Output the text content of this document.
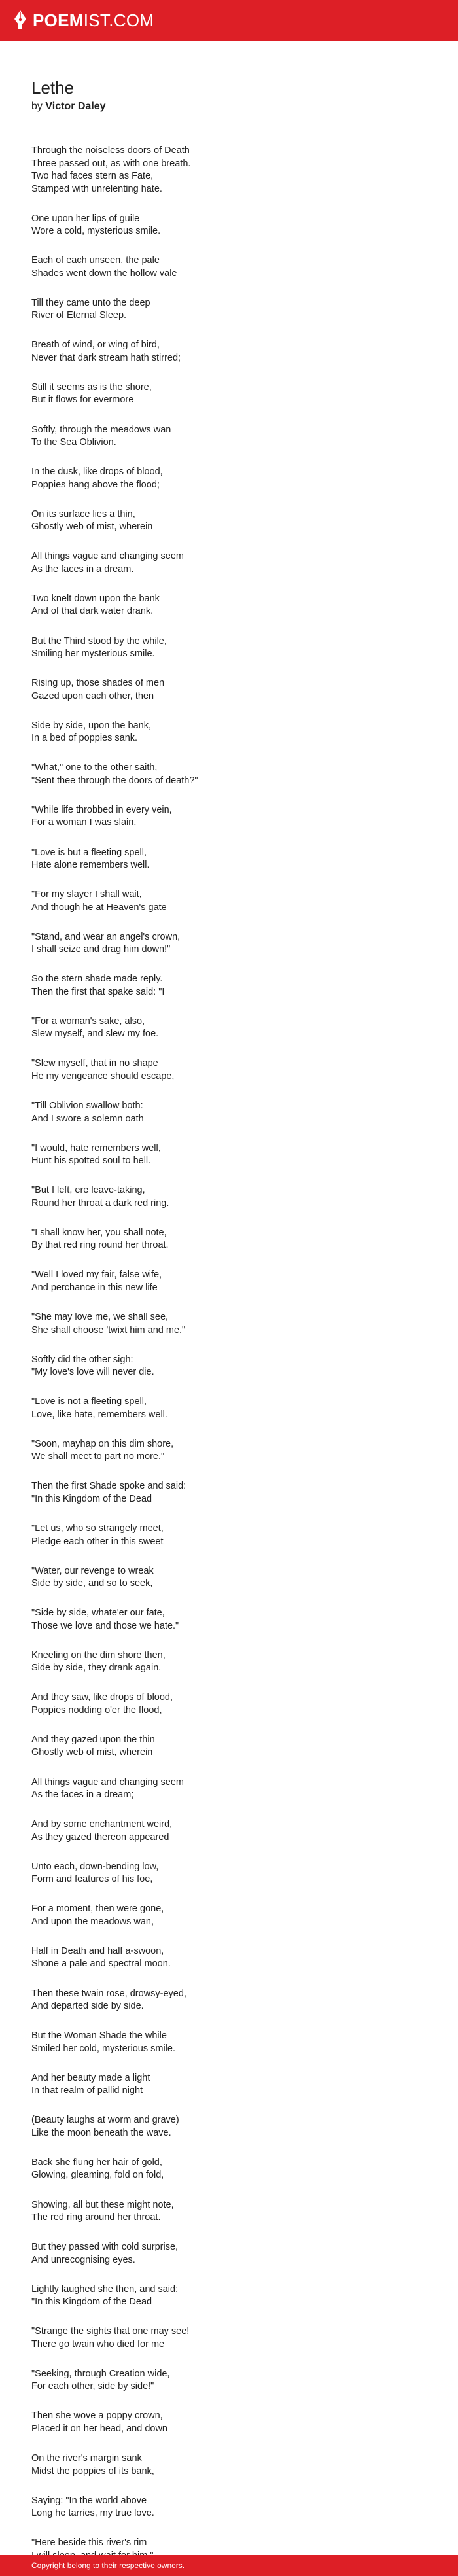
POEMIST.COM
Lethe
by Victor Daley
Through the noiseless doors of Death
Three passed out, as with one breath.
Two had faces stern as Fate,
Stamped with unrelenting hate.
One upon her lips of guile
Wore a cold, mysterious smile.
Each of each unseen, the pale
Shades went down the hollow vale
Till they came unto the deep
River of Eternal Sleep.
Breath of wind, or wing of bird,
Never that dark stream hath stirred;
Still it seems as is the shore,
But it flows for evermore
Softly, through the meadows wan
To the Sea Oblivion.
In the dusk, like drops of blood,
Poppies hang above the flood;
On its surface lies a thin,
Ghostly web of mist, wherein
All things vague and changing seem
As the faces in a dream.
Two knelt down upon the bank
And of that dark water drank.
But the Third stood by the while,
Smiling her mysterious smile.
Rising up, those shades of men
Gazed upon each other, then
Side by side, upon the bank,
In a bed of poppies sank.
"What," one to the other saith,
"Sent thee through the doors of death?"
"While life throbbed in every vein,
For a woman I was slain.
"Love is but a fleeting spell,
Hate alone remembers well.
"For my slayer I shall wait,
And though he at Heaven's gate
"Stand, and wear an angel's crown,
I shall seize and drag him down!"
So the stern shade made reply.
Then the first that spake said: "I
"For a woman's sake, also,
Slew myself, and slew my foe.
"Slew myself, that in no shape
He my vengeance should escape,
"Till Oblivion swallow both:
And I swore a solemn oath
"I would, hate remembers well,
Hunt his spotted soul to hell.
"But I left, ere leave-taking,
Round her throat a dark red ring.
"I shall know her, you shall note,
By that red ring round her throat.
"Well I loved my fair, false wife,
And perchance in this new life
"She may love me, we shall see,
She shall choose 'twixt him and me."
Softly did the other sigh:
"My love's love will never die.
"Love is not a fleeting spell,
Love, like hate, remembers well.
"Soon, mayhap on this dim shore,
We shall meet to part no more."
Then the first Shade spoke and said:
"In this Kingdom of the Dead
"Let us, who so strangely meet,
Pledge each other in this sweet
"Water, our revenge to wreak
Side by side, and so to seek,
"Side by side, whate'er our fate,
Those we love and those we hate."
Kneeling on the dim shore then,
Side by side, they drank again.
And they saw, like drops of blood,
Poppies nodding o'er the flood,
And they gazed upon the thin
Ghostly web of mist, wherein
All things vague and changing seem
As the faces in a dream;
And by some enchantment weird,
As they gazed thereon appeared
Unto each, down-bending low,
Form and features of his foe,
For a moment, then were gone,
And upon the meadows wan,
Half in Death and half a-swoon,
Shone a pale and spectral moon.
Then these twain rose, drowsy-eyed,
And departed side by side.
But the Woman Shade the while
Smiled her cold, mysterious smile.
And her beauty made a light
In that realm of pallid night
(Beauty laughs at worm and grave)
Like the moon beneath the wave.
Back she flung her hair of gold,
Glowing, gleaming, fold on fold,
Showing, all but these might note,
The red ring around her throat.
But they passed with cold surprise,
And unrecognising eyes.
Lightly laughed she then, and said:
"In this Kingdom of the Dead
"Strange the sights that one may see!
There go twain who died for me
"Seeking, through Creation wide,
For each other, side by side!"
Then she wove a poppy crown,
Placed it on her head, and down
On the river's margin sank
Midst the poppies of its bank,
Saying: "In the world above
Long he tarries, my true love.
"Here beside this river's rim
Copyright belong to their respective owners.
